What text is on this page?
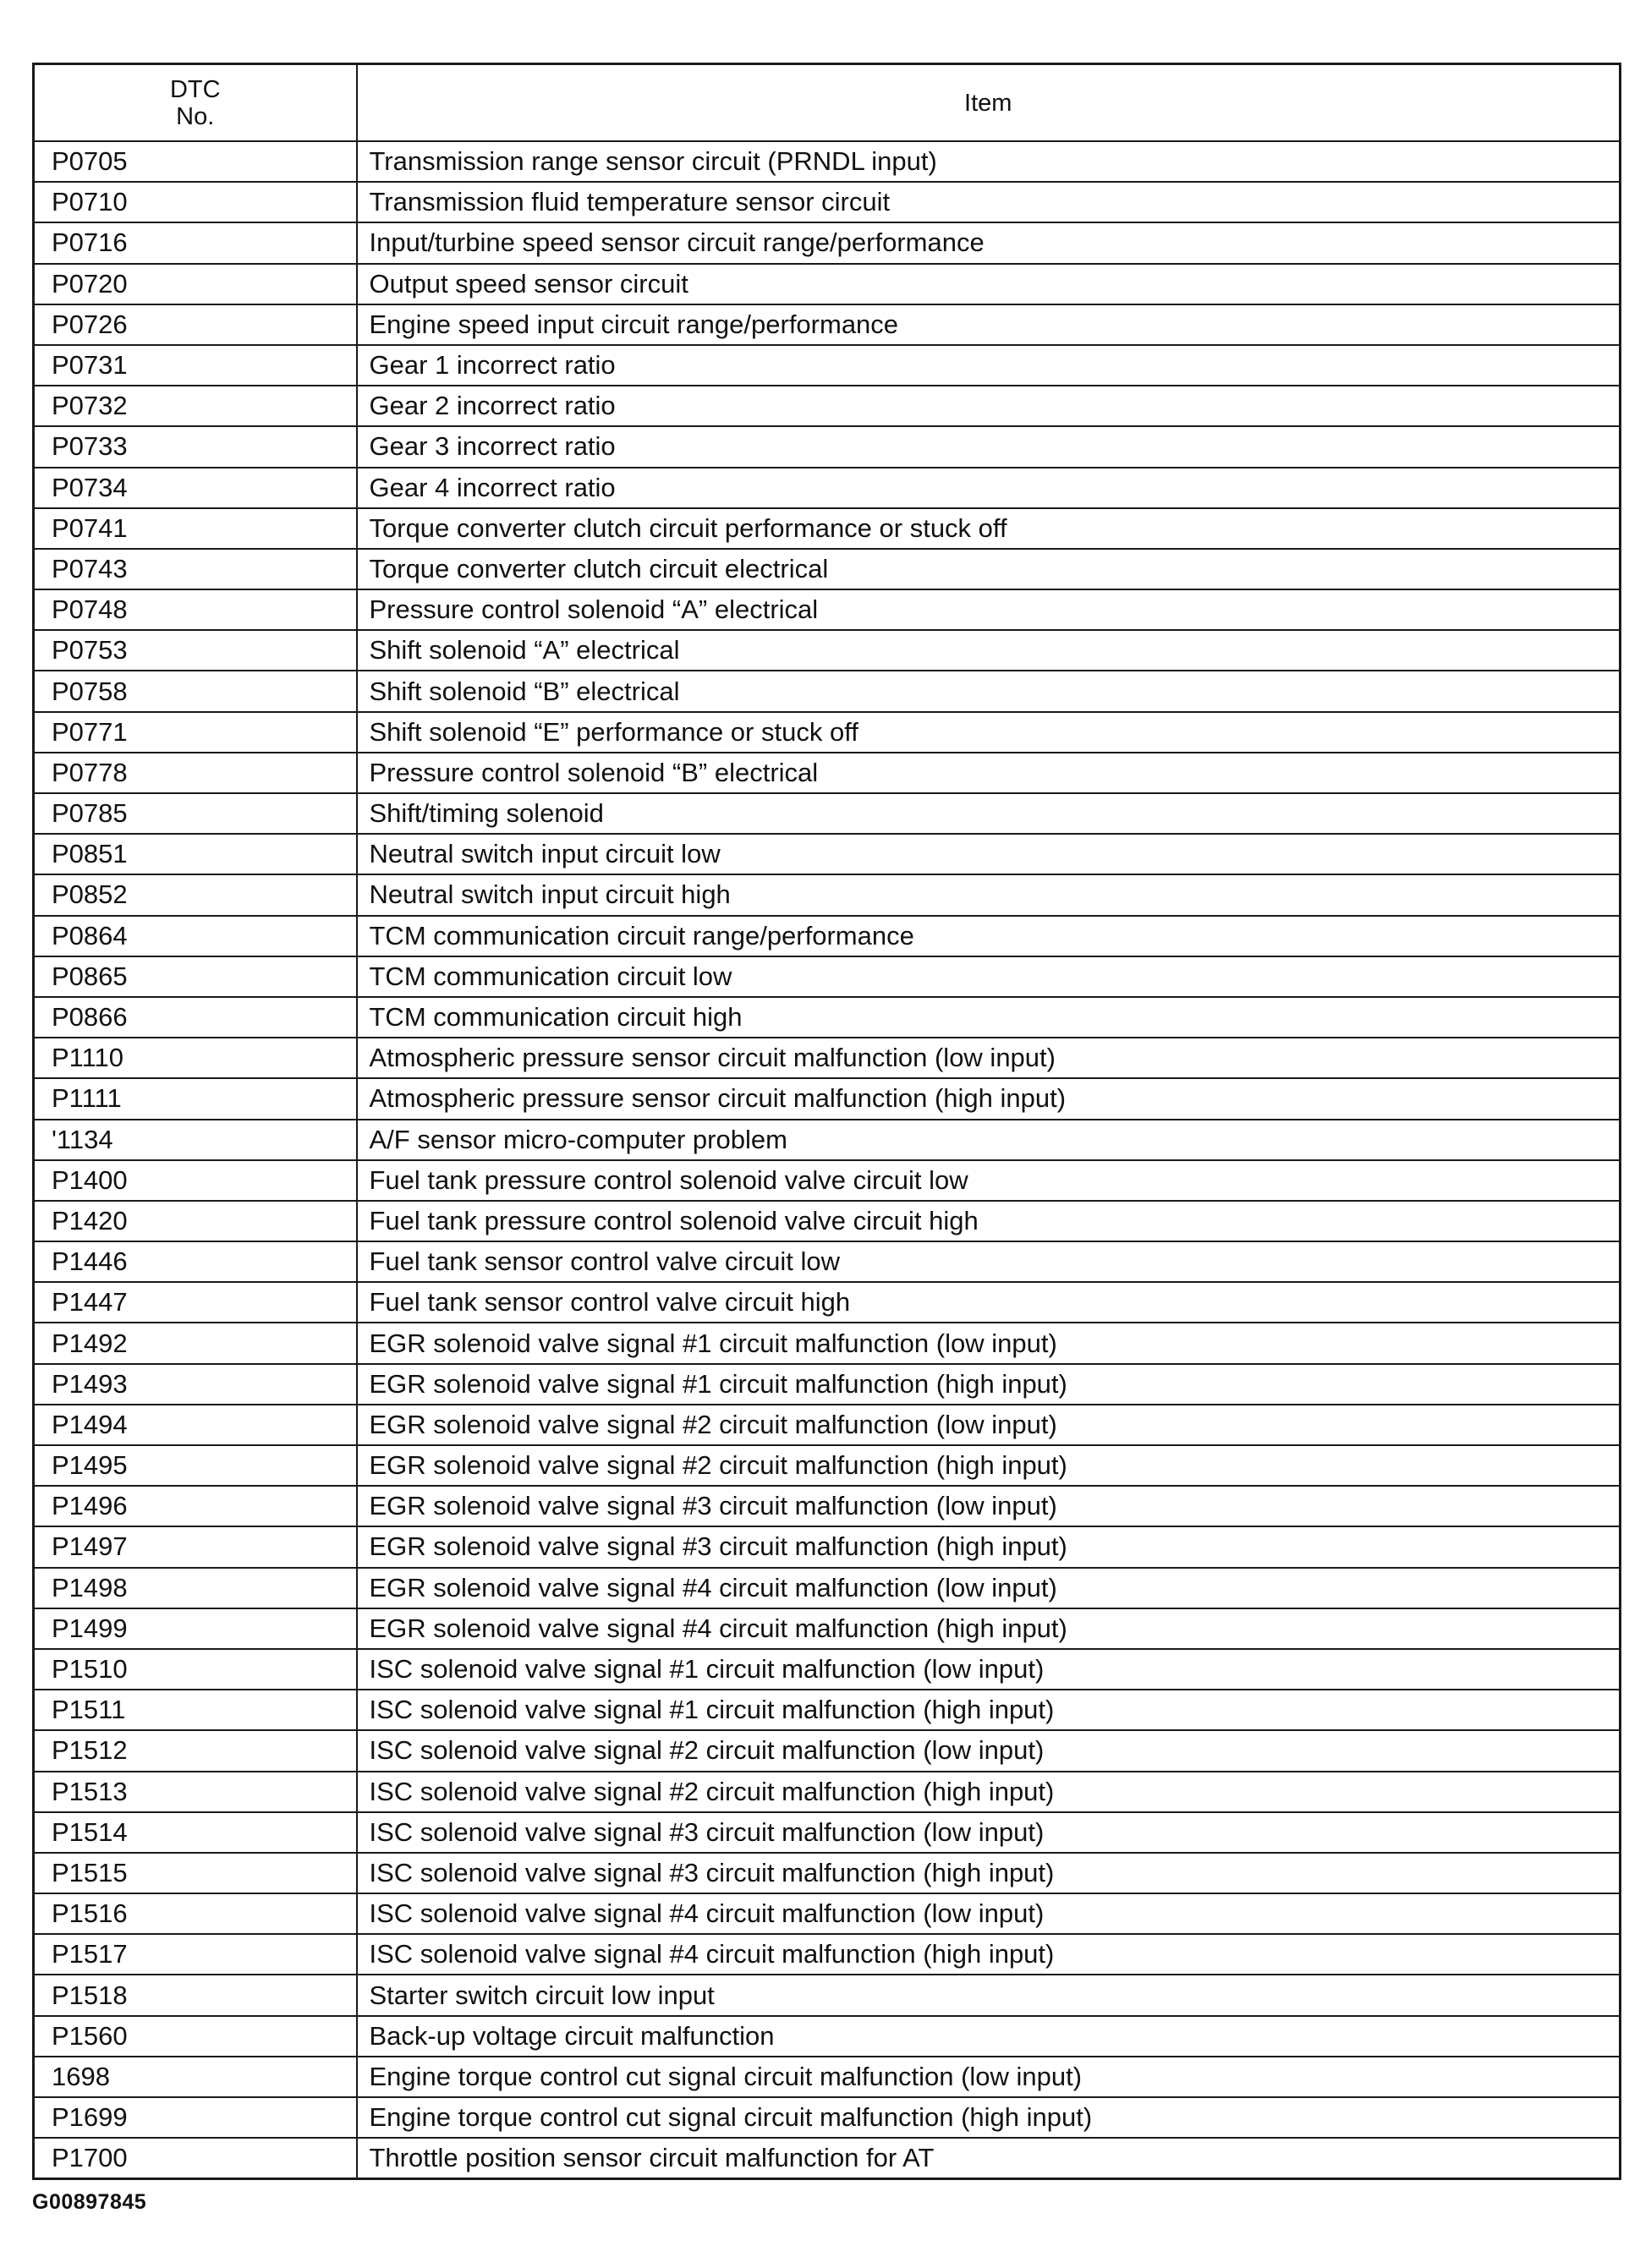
DTC
No.	Item
P0705	Transmission range sensor circuit (PRNDL input)
P0710	Transmission fluid temperature sensor circuit
P0716	Input/turbine speed sensor circuit range/performance
P0720	Output speed sensor circuit
P0726	Engine speed input circuit range/performance
P0731	Gear 1 incorrect ratio
P0732	Gear 2 incorrect ratio
P0733	Gear 3 incorrect ratio
P0734	Gear 4 incorrect ratio
P0741	Torque converter clutch circuit performance or stuck off
P0743	Torque converter clutch circuit electrical
P0748	Pressure control solenoid “A” electrical
P0753	Shift solenoid “A” electrical
P0758	Shift solenoid “B” electrical
P0771	Shift solenoid “E” performance or stuck off
P0778	Pressure control solenoid “B” electrical
P0785	Shift/timing solenoid
P0851	Neutral switch input circuit low
P0852	Neutral switch input circuit high
P0864	TCM communication circuit range/performance
P0865	TCM communication circuit low
P0866	TCM communication circuit high
P1110	Atmospheric pressure sensor circuit malfunction (low input)
P1111	Atmospheric pressure sensor circuit malfunction (high input)
'1134	A/F sensor micro-computer problem
P1400	Fuel tank pressure control solenoid valve circuit low
P1420	Fuel tank pressure control solenoid valve circuit high
P1446	Fuel tank sensor control valve circuit low
P1447	Fuel tank sensor control valve circuit high
P1492	EGR solenoid valve signal #1 circuit malfunction (low input)
P1493	EGR solenoid valve signal #1 circuit malfunction (high input)
P1494	EGR solenoid valve signal #2 circuit malfunction (low input)
P1495	EGR solenoid valve signal #2 circuit malfunction (high input)
P1496	EGR solenoid valve signal #3 circuit malfunction (low input)
P1497	EGR solenoid valve signal #3 circuit malfunction (high input)
P1498	EGR solenoid valve signal #4 circuit malfunction (low input)
P1499	EGR solenoid valve signal #4 circuit malfunction (high input)
P1510	ISC solenoid valve signal #1 circuit malfunction (low input)
P1511	ISC solenoid valve signal #1 circuit malfunction (high input)
P1512	ISC solenoid valve signal #2 circuit malfunction (low input)
P1513	ISC solenoid valve signal #2 circuit malfunction (high input)
P1514	ISC solenoid valve signal #3 circuit malfunction (low input)
P1515	ISC solenoid valve signal #3 circuit malfunction (high input)
P1516	ISC solenoid valve signal #4 circuit malfunction (low input)
P1517	ISC solenoid valve signal #4 circuit malfunction (high input)
P1518	Starter switch circuit low input
P1560	Back-up voltage circuit malfunction
1698	Engine torque control cut signal circuit malfunction (low input)
P1699	Engine torque control cut signal circuit malfunction (high input)
P1700	Throttle position sensor circuit malfunction for AT
G00897845
